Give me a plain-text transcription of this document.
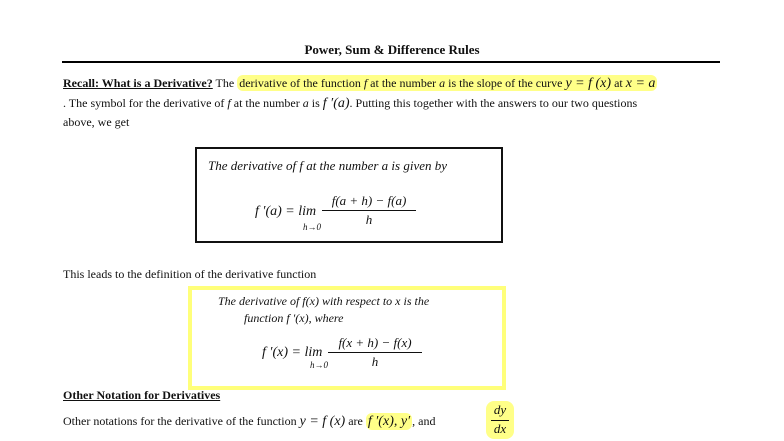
Power, Sum & Difference Rules
Recall: What is a Derivative? The derivative of the function f at the number a is the slope of the curve y = f (x) at x = a
. The symbol for the derivative of f at the number a is f ′(a). Putting this together with the answers to our two questions
above, we get
The derivative of f at the number a is given by
f ′(a) = lim
h→0
f(a + h) − f(a)
h
This leads to the definition of the derivative function
The derivative of f(x) with respect to x is the
function f ′(x), where
f ′(x) = lim
h→0
f(x + h) − f(x)
h
Other Notation for Derivatives
Other notations for the derivative of the function y = f (x) are f ′(x), y′ , and
dy
dx
